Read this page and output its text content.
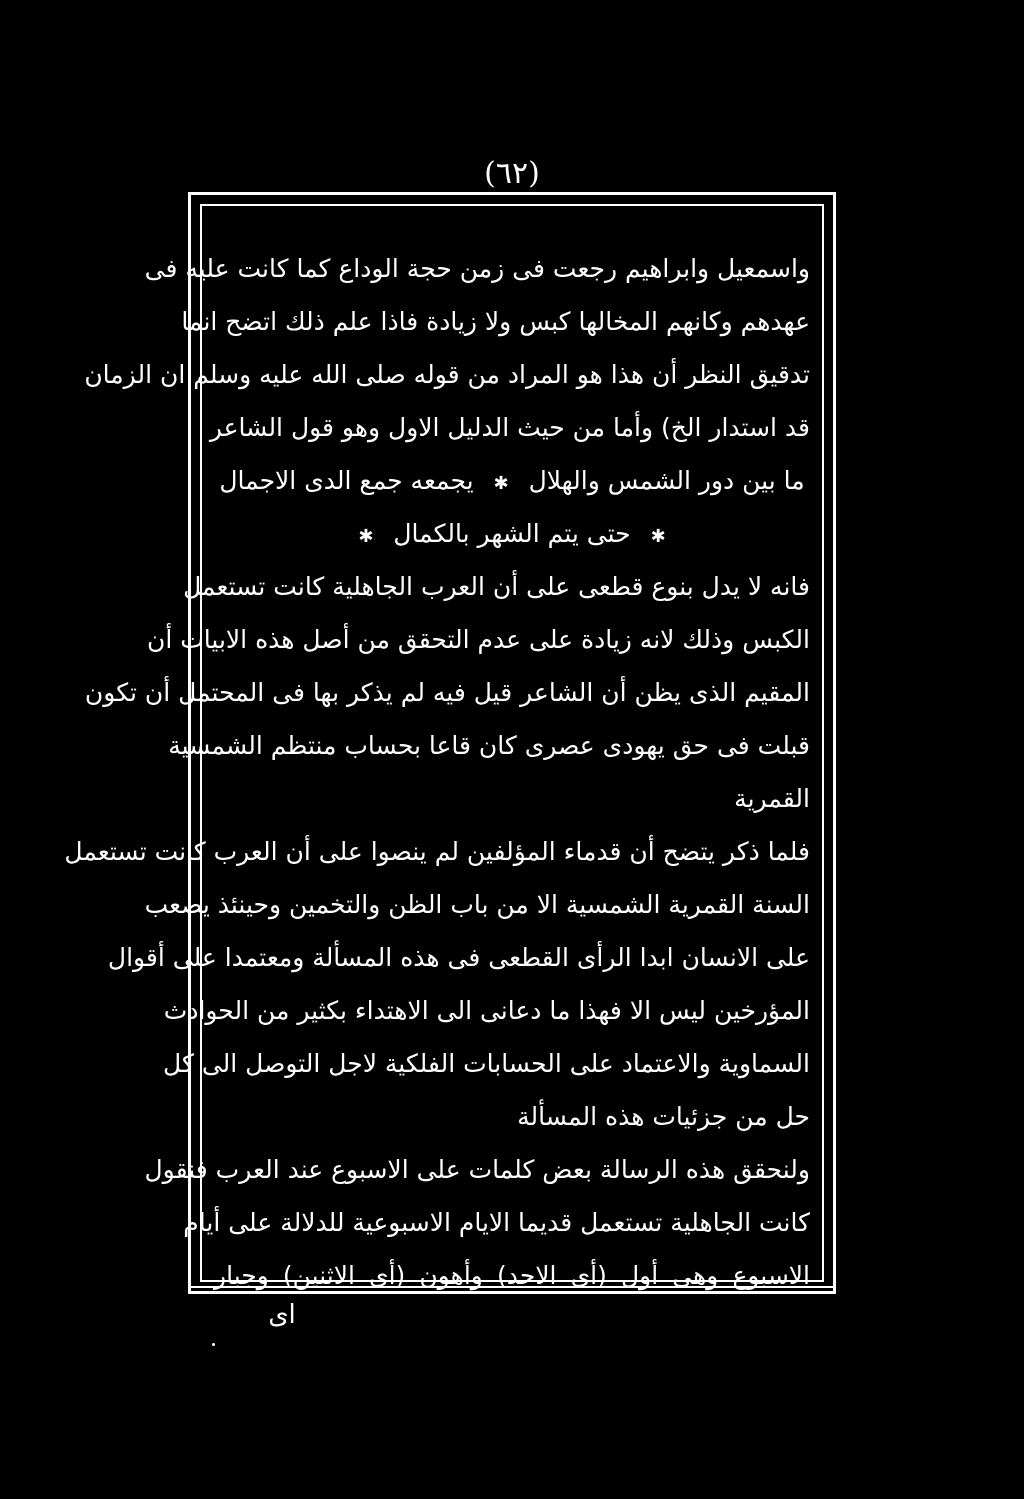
(٦٢)
واسمعيل وابراهيم رجعت فى زمن حجة الوداع كما كانت عليه فى
عهدهم وكانهم المخالها كبس ولا زيادة فاذا علم ذلك اتضح انما
تدقيق النظر أن هذا هو المراد من قوله صلى الله عليه وسلم ان الزمان
قد استدار الخ) وأما من حيث الدليل الاول وهو قول الشاعر
ما بين دور الشمس والهلال ✱ يجمعه جمع الدى الاجمال
✱ حتى يتم الشهر بالكمال ✱
فانه لا يدل بنوع قطعى على أن العرب الجاهلية كانت تستعمل
الكبس وذلك لانه زيادة على عدم التحقق من أصل هذه الابيات أن
المقيم الذى يظن أن الشاعر قيل فيه لم يذكر بها فى المحتمل أن تكون
قبلت فى حق يهودى عصرى كان قاعا بحساب منتظم الشمسية
القمرية
فلما ذكر يتضح أن قدماء المؤلفين لم ينصوا على أن العرب كانت تستعمل
السنة القمرية الشمسية الا من باب الظن والتخمين وحينئذ يصعب
على الانسان ابدا الرأى القطعى فى هذه المسألة ومعتمدا على أقوال
المؤرخين ليس الا فهذا ما دعانى الى الاهتداء بكثير من الحوادث
السماوية والاعتماد على الحسابات الفلكية لاجل التوصل الى كل
حل من جزئيات هذه المسألة
ولنحقق هذه الرسالة بعض كلمات على الاسبوع عند العرب فنقول
كانت الجاهلية تستعمل قديما الايام الاسبوعية للدلالة على أيام
الاسبوع وهى أول (أى الاحد) وأهون (أى الاثنين) وجبار
اى
